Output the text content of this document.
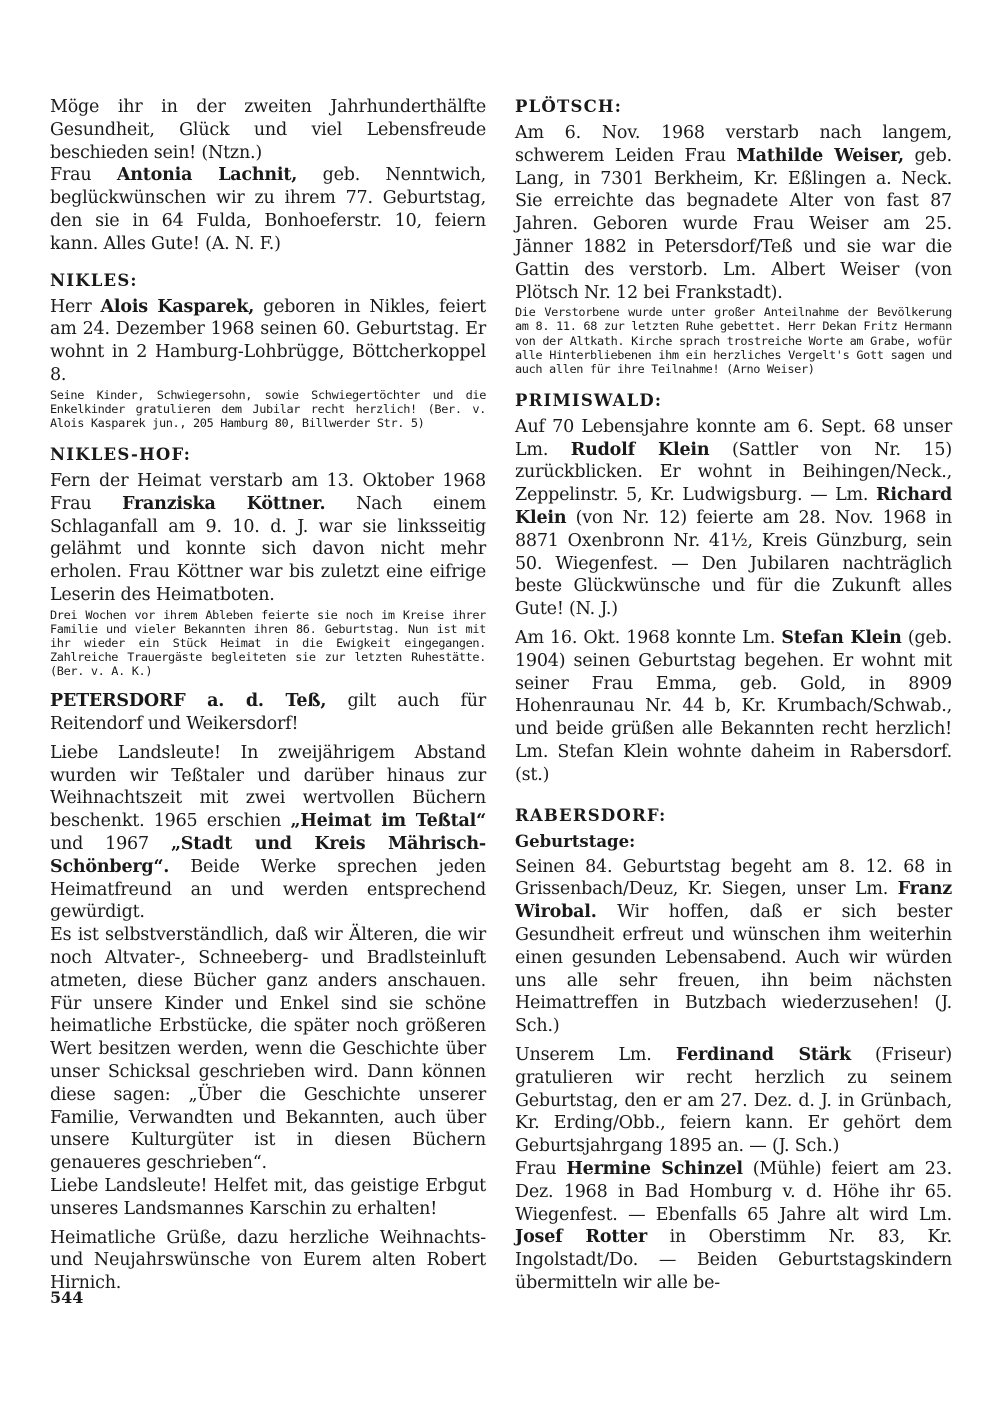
Möge ihr in der zweiten Jahrhunderthälfte Gesundheit, Glück und viel Lebensfreude beschieden sein! (Ntzn.)

Frau Antonia Lachnit, geb. Nenntwich, beglückwünschen wir zu ihrem 77. Geburtstag, den sie in 64 Fulda, Bonhoeferstr. 10, feiern kann. Alles Gute! (A. N. F.)

NIKLES:

Herr Alois Kasparek, geboren in Nikles, feiert am 24. Dezember 1968 seinen 60. Geburtstag. Er wohnt in 2 Hamburg-Lohbrügge, Böttcherkoppel 8.

Seine Kinder, Schwiegersohn, sowie Schwiegertöchter und die Enkelkinder gratulieren dem Jubilar recht herzlich! (Ber. v. Alois Kasparek jun., 205 Hamburg 80, Billwerder Str. 5)

NIKLES-HOF:

Fern der Heimat verstarb am 13. Oktober 1968 Frau Franziska Köttner. Nach einem Schlaganfall am 9. 10. d. J. war sie linksseitig gelähmt und konnte sich davon nicht mehr erholen. Frau Köttner war bis zuletzt eine eifrige Leserin des Heimatboten.

Drei Wochen vor ihrem Ableben feierte sie noch im Kreise ihrer Familie und vieler Bekannten ihren 86. Geburtstag. Nun ist mit ihr wieder ein Stück Heimat in die Ewigkeit eingegangen. Zahlreiche Trauergäste begleiteten sie zur letzten Ruhestätte. (Ber. v. A. K.)

PETERSDORF a. d. Teß, gilt auch für Reitendorf und Weikersdorf!

Liebe Landsleute! In zweijährigem Abstand wurden wir Teßtaler und darüber hinaus zur Weihnachtszeit mit zwei wertvollen Büchern beschenkt. 1965 erschien „Heimat im Teßtal“ und 1967 „Stadt und Kreis Mährisch-Schönberg“. Beide Werke sprechen jeden Heimatfreund an und werden entsprechend gewürdigt.

Es ist selbstverständlich, daß wir Älteren, die wir noch Altvater-, Schneeberg- und Bradlsteinluft atmeten, diese Bücher ganz anders anschauen. Für unsere Kinder und Enkel sind sie schöne heimatliche Erbstücke, die später noch größeren Wert besitzen werden, wenn die Geschichte über unser Schicksal geschrieben wird. Dann können diese sagen: „Über die Geschichte unserer Familie, Verwandten und Bekannten, auch über unsere Kulturgüter ist in diesen Büchern genaueres geschrieben“.

Liebe Landsleute! Helfet mit, das geistige Erbgut unseres Landsmannes Karschin zu erhalten!

Heimatliche Grüße, dazu herzliche Weihnachts- und Neujahrswünsche von Eurem alten Robert Hirnich.

PLÖTSCH:

Am 6. Nov. 1968 verstarb nach langem, schwerem Leiden Frau Mathilde Weiser, geb. Lang, in 7301 Berkheim, Kr. Eßlingen a. Neck. Sie erreichte das begnadete Alter von fast 87 Jahren. Geboren wurde Frau Weiser am 25. Jänner 1882 in Petersdorf/Teß und sie war die Gattin des verstorb. Lm. Albert Weiser (von Plötsch Nr. 12 bei Frankstadt).

Die Verstorbene wurde unter großer Anteilnahme der Bevölkerung am 8. 11. 68 zur letzten Ruhe gebettet. Herr Dekan Fritz Hermann von der Altkath. Kirche sprach trostreiche Worte am Grabe, wofür alle Hinterbliebenen ihm ein herzliches Vergelt's Gott sagen und auch allen für ihre Teilnahme! (Arno Weiser)

PRIMISWALD:

Auf 70 Lebensjahre konnte am 6. Sept. 68 unser Lm. Rudolf Klein (Sattler von Nr. 15) zurückblicken. Er wohnt in Beihingen/Neck., Zeppelinstr. 5, Kr. Ludwigsburg. — Lm. Richard Klein (von Nr. 12) feierte am 28. Nov. 1968 in 8871 Oxenbronn Nr. 41½, Kreis Günzburg, sein 50. Wiegenfest. — Den Jubilaren nachträglich beste Glückwünsche und für die Zukunft alles Gute! (N. J.)

Am 16. Okt. 1968 konnte Lm. Stefan Klein (geb. 1904) seinen Geburtstag begehen. Er wohnt mit seiner Frau Emma, geb. Gold, in 8909 Hohenraunau Nr. 44 b, Kr. Krumbach/Schwab., und beide grüßen alle Bekannten recht herzlich! Lm. Stefan Klein wohnte daheim in Rabersdorf. (st.)

RABERSDORF:
Geburtstage:

Seinen 84. Geburtstag begeht am 8. 12. 68 in Grissenbach/Deuz, Kr. Siegen, unser Lm. Franz Wirobal. Wir hoffen, daß er sich bester Gesundheit erfreut und wünschen ihm weiterhin einen gesunden Lebensabend. Auch wir würden uns alle sehr freuen, ihn beim nächsten Heimattreffen in Butzbach wiederzusehen! (J. Sch.)

Unserem Lm. Ferdinand Stärk (Friseur) gratulieren wir recht herzlich zu seinem Geburtstag, den er am 27. Dez. d. J. in Grünbach, Kr. Erding/Obb., feiern kann. Er gehört dem Geburtsjahrgang 1895 an. — (J. Sch.)

Frau Hermine Schinzel (Mühle) feiert am 23. Dez. 1968 in Bad Homburg v. d. Höhe ihr 65. Wiegenfest. — Ebenfalls 65 Jahre alt wird Lm. Josef Rotter in Oberstimm Nr. 83, Kr. Ingolstadt/Do. — Beiden Geburtstagskindern übermitteln wir alle be-

544
